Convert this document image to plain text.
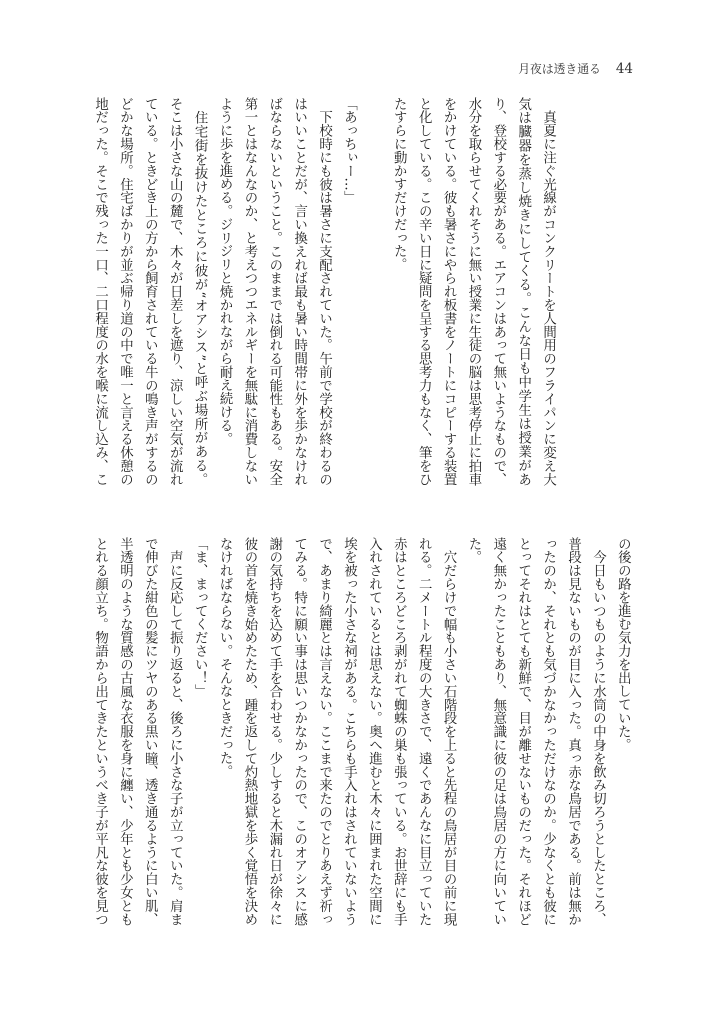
月夜は透き通る 44
　真夏に注ぐ光線がコンクリートを人間用のフライパンに変え大
気は臓器を蒸し焼きにしてくる。こんな日も中学生は授業があ
り、登校する必要がある。エアコンはあって無いようなもので、
水分を取らせてくれそうに無い授業に生徒の脳は思考停止に拍車
をかけている。彼も暑さにやられ板書をノートにコピーする装置
と化している。この辛い日に疑問を呈する思考力もなく、筆をひ
たすらに動かすだけだった。
「あっちぃー…」
　下校時にも彼は暑さに支配されていた。午前で学校が終わるの
はいいことだが、言い換えれば最も暑い時間帯に外を歩かなけれ
ばならないということ。このままでは倒れる可能性もある。安全
第一とはなんなのか、と考えつつエネルギーを無駄に消費しない
ように歩を進める。ジリジリと焼かれながら耐え続ける。
　住宅街を抜けたところに彼が“オアシス”と呼ぶ場所がある。
そこは小さな山の麓で、木々が日差しを遮り、涼しい空気が流れ
ている。ときどき上の方から飼育されている牛の鳴き声がするの
どかな場所。住宅ばかりが並ぶ帰り道の中で唯一と言える休憩の
地だった。そこで残った一口、二口程度の水を喉に流し込み、こ
の後の路を進む気力を出していた。
　今日もいつものように水筒の中身を飲み切ろうとしたところ、
普段は見ないものが目に入った。真っ赤な鳥居である。前は無か
ったのか、それとも気づかなかっただけなのか。少なくとも彼に
とってそれはとても新鮮で、目が離せないものだった。それほど
遠く無かったこともあり、無意識に彼の足は鳥居の方に向いてい
た。
　穴だらけで幅も小さい石階段を上ると先程の鳥居が目の前に現
れる。二メートル程度の大きさで、遠くであんなに目立っていた
赤はところどころ剥がれて蜘蛛の巣も張っている。お世辞にも手
入れされているとは思えない。奥へ進むと木々に囲まれた空間に
埃を被った小さな祠がある。こちらも手入れはされていないよう
で、あまり綺麗とは言えない。ここまで来たのでとりあえず祈っ
てみる。特に願い事は思いつかなかったので、このオアシスに感
謝の気持ちを込めて手を合わせる。少しすると木漏れ日が徐々に
彼の首を焼き始めたため、踵を返して灼熱地獄を歩く覚悟を決め
なければならない。そんなときだった。
「ま、まってください！」
　声に反応して振り返ると、後ろに小さな子が立っていた。肩ま
で伸びた紺色の髪にツヤのある黒い瞳、透き通るように白い肌、
半透明のような質感の古風な衣服を身に纏い、少年とも少女とも
とれる顔立ち。物語から出てきたというべき子が平凡な彼を見つ
